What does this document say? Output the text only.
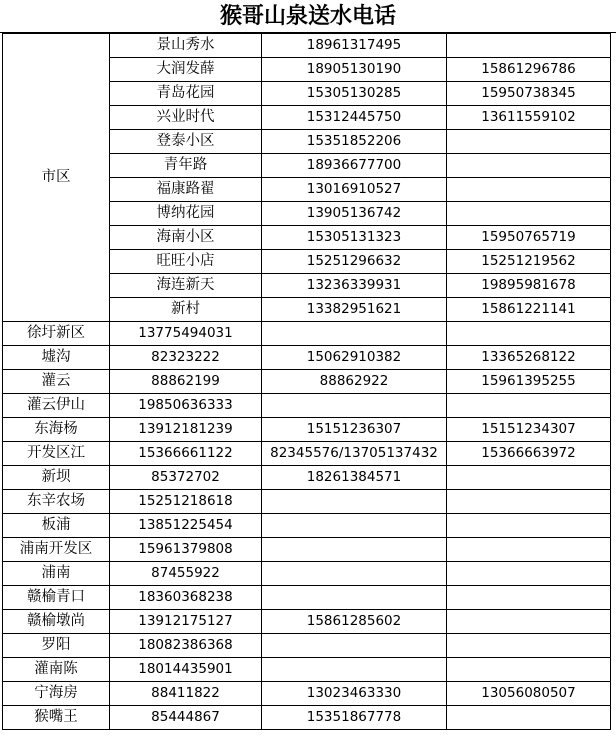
猴哥山泉送水电话
市区	景山秀水	18961317495	
	大润发薛	18905130190	15861296786
	青岛花园	15305130285	15950738345
	兴业时代	15312445750	13611559102
	登泰小区	15351852206	
	青年路	18936677700	
	福康路翟	13016910527	
	博纳花园	13905136742	
	海南小区	15305131323	15950765719
	旺旺小店	15251296632	15251219562
	海连新天	13236339931	19895981678
	新村	13382951621	15861221141
徐圩新区	13775494031		
墟沟	82323222	15062910382	13365268122
灌云	88862199	88862922	15961395255
灌云伊山	19850636333		
东海杨	13912181239	15151236307	15151234307
开发区江	15366661122	82345576/13705137432	15366663972
新坝	85372702	18261384571	
东辛农场	15251218618		
板浦	13851225454		
浦南开发区	15961379808		
浦南	87455922		
赣榆青口	18360368238		
赣榆墩尚	13912175127	15861285602	
罗阳	18082386368		
灌南陈	18014435901		
宁海房	88411822	13023463330	13056080507
猴嘴王	85444867	15351867778	
